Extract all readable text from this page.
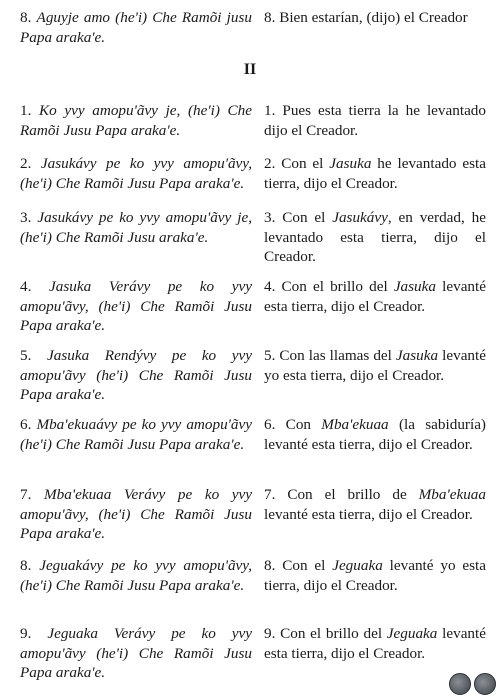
8. Aguyje amo (he'i) Che Ramõi jusu Papa araka'e.

8. Bien estarían, (dijo) el Creador

II

1. Ko yvy amopu'ãvy je, (he'i) Che Ramõi Jusu Papa araka'e.

1. Pues esta tierra la he levantado dijo el Creador.

2. Jasukávy pe ko yvy amopu'ãvy, (he'i) Che Ramõi Jusu Papa araka'e.

2. Con el Jasuka he levantado esta tierra, dijo el Creador.

3. Jasukávy pe ko yvy amopu'ãvy je, (he'i) Che Ramõi Jusu araka'e.

3. Con el Jasukávy, en verdad, he levantado esta tierra, dijo el Creador.

4. Jasuka Verávy pe ko yvy amopu'ãvy, (he'i) Che Ramõi Jusu Papa araka'e.

4. Con el brillo del Jasuka levanté esta tierra, dijo el Creador.

5. Jasuka Rendývy pe ko yvy amopu'ãvy (he'i) Che Ramõi Jusu Papa araka'e.

5. Con las llamas del Jasuka levanté yo esta tierra, dijo el Creador.

6. Mba'ekuaávy pe ko yvy amopu'ãvy (he'i) Che Ramõi Jusu Papa araka'e.

6. Con Mba'ekuaa (la sabiduría) levanté esta tierra, dijo el Creador.

7. Mba'ekuaa Verávy pe ko yvy amopu'ãvy, (he'i) Che Ramõi Jusu Papa araka'e.

7. Con el brillo de Mba'ekuaa levanté esta tierra, dijo el Creador.

8. Jeguakávy pe ko yvy amopu'ãvy, (he'i) Che Ramõi Jusu Papa araka'e.

8. Con el Jeguaka levanté yo esta tierra, dijo el Creador.

9. Jeguaka Verávy pe ko yvy amopu'ãvy (he'i) Che Ramõi Jusu Papa araka'e.

9. Con el brillo del Jeguaka levanté esta tierra, dijo el Creador.
